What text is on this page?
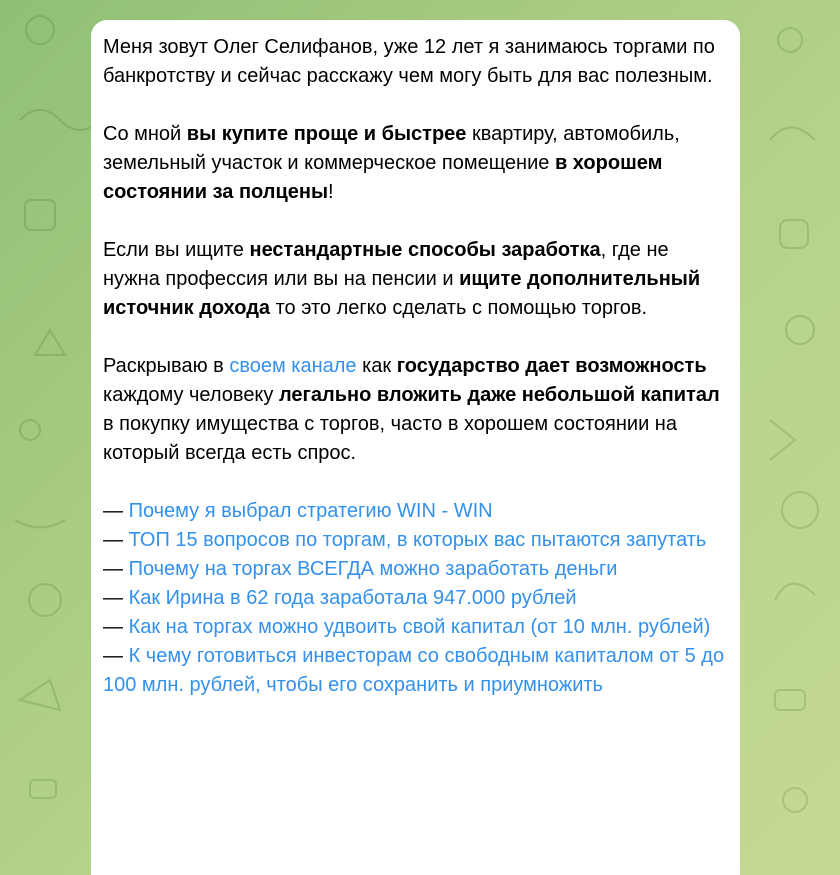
Меня зовут Олег Селифанов, уже 12 лет я занимаюсь торгами по банкротству и сейчас расскажу чем могу быть для вас полезным.

Со мной вы купите проще и быстрее квартиру, автомобиль, земельный участок и коммерческое помещение в хорошем состоянии за полцены!

Если вы ищите нестандартные способы заработка, где не нужна профессия или вы на пенсии и ищите дополнительный источник дохода то это легко сделать с помощью торгов.

Раскрываю в своем канале как государство дает возможность каждому человеку легально вложить даже небольшой капитал в покупку имущества с торгов, часто в хорошем состоянии на который всегда есть спрос.

— Почему я выбрал стратегию WIN - WIN

— ТОП 15 вопросов по торгам, в которых вас пытаются запутать

— Почему на торгах ВСЕГДА можно заработать деньги

— Как Ирина в 62 года заработала 947.000 рублей

— Как на торгах можно удвоить свой капитал (от 10 млн. рублей)

— К чему готовиться инвесторам со свободным капиталом от 5 до 100 млн. рублей, чтобы его сохранить и приумножить
